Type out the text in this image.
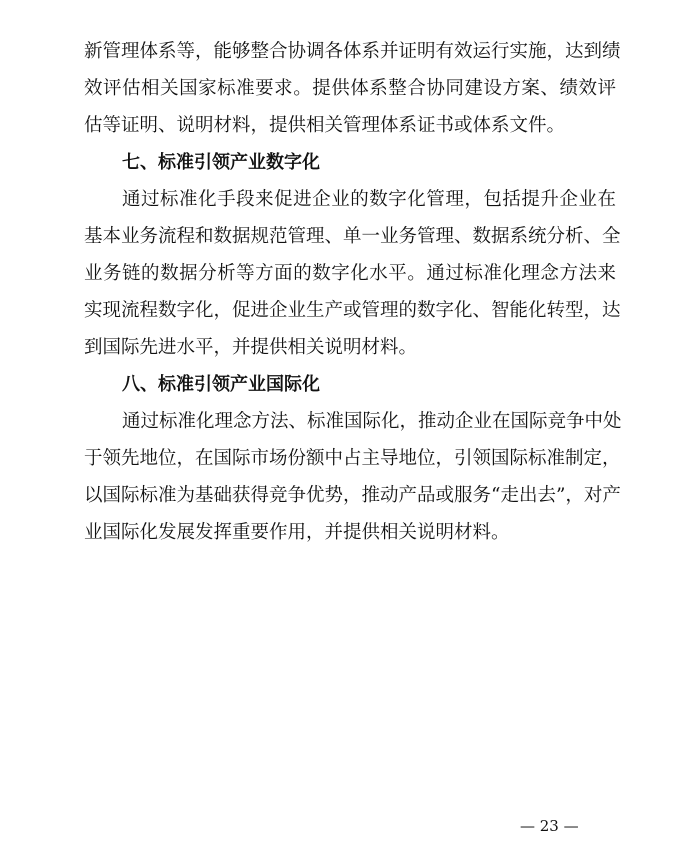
新管理体系等，能够整合协调各体系并证明有效运行实施，达到绩
效评估相关国家标准要求。提供体系整合协同建设方案、绩效评
估等证明、说明材料，提供相关管理体系证书或体系文件。
七、标准引领产业数字化
通过标准化手段来促进企业的数字化管理，包括提升企业在
基本业务流程和数据规范管理、单一业务管理、数据系统分析、全
业务链的数据分析等方面的数字化水平。通过标准化理念方法来
实现流程数字化，促进企业生产或管理的数字化、智能化转型，达
到国际先进水平，并提供相关说明材料。
八、标准引领产业国际化
通过标准化理念方法、标准国际化，推动企业在国际竞争中处
于领先地位，在国际市场份额中占主导地位，引领国际标准制定，
以国际标准为基础获得竞争优势，推动产品或服务“走出去”，对产
业国际化发展发挥重要作用，并提供相关说明材料。
— 23 —
